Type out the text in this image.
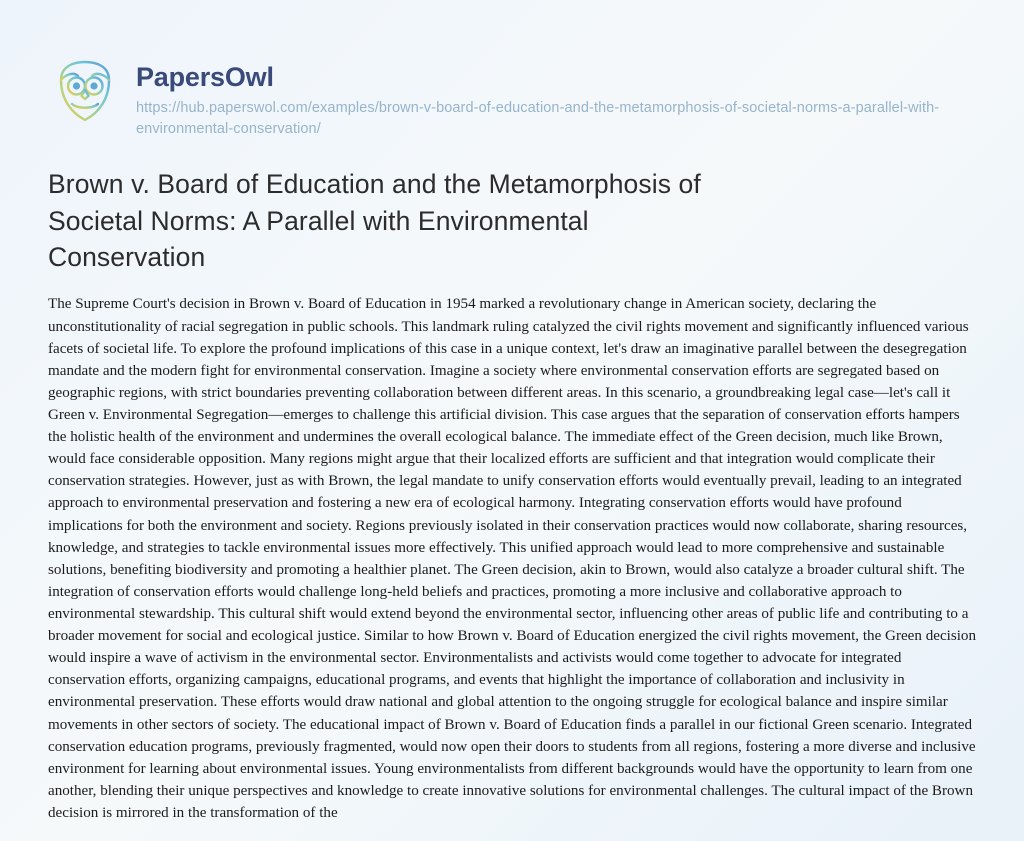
PapersOwl
https://hub.paperswol.com/examples/brown-v-board-of-education-and-the-metamorphosis-of-societal-norms-a-parallel-with-environmental-conservation/
Brown v. Board of Education and the Metamorphosis of Societal Norms: A Parallel with Environmental Conservation
The Supreme Court's decision in Brown v. Board of Education in 1954 marked a revolutionary change in American society, declaring the unconstitutionality of racial segregation in public schools. This landmark ruling catalyzed the civil rights movement and significantly influenced various facets of societal life. To explore the profound implications of this case in a unique context, let's draw an imaginative parallel between the desegregation mandate and the modern fight for environmental conservation. Imagine a society where environmental conservation efforts are segregated based on geographic regions, with strict boundaries preventing collaboration between different areas. In this scenario, a groundbreaking legal case—let's call it Green v. Environmental Segregation—emerges to challenge this artificial division. This case argues that the separation of conservation efforts hampers the holistic health of the environment and undermines the overall ecological balance. The immediate effect of the Green decision, much like Brown, would face considerable opposition. Many regions might argue that their localized efforts are sufficient and that integration would complicate their conservation strategies. However, just as with Brown, the legal mandate to unify conservation efforts would eventually prevail, leading to an integrated approach to environmental preservation and fostering a new era of ecological harmony. Integrating conservation efforts would have profound implications for both the environment and society. Regions previously isolated in their conservation practices would now collaborate, sharing resources, knowledge, and strategies to tackle environmental issues more effectively. This unified approach would lead to more comprehensive and sustainable solutions, benefiting biodiversity and promoting a healthier planet. The Green decision, akin to Brown, would also catalyze a broader cultural shift. The integration of conservation efforts would challenge long-held beliefs and practices, promoting a more inclusive and collaborative approach to environmental stewardship. This cultural shift would extend beyond the environmental sector, influencing other areas of public life and contributing to a broader movement for social and ecological justice. Similar to how Brown v. Board of Education energized the civil rights movement, the Green decision would inspire a wave of activism in the environmental sector. Environmentalists and activists would come together to advocate for integrated conservation efforts, organizing campaigns, educational programs, and events that highlight the importance of collaboration and inclusivity in environmental preservation. These efforts would draw national and global attention to the ongoing struggle for ecological balance and inspire similar movements in other sectors of society. The educational impact of Brown v. Board of Education finds a parallel in our fictional Green scenario. Integrated conservation education programs, previously fragmented, would now open their doors to students from all regions, fostering a more diverse and inclusive environment for learning about environmental issues. Young environmentalists from different backgrounds would have the opportunity to learn from one another, blending their unique perspectives and knowledge to create innovative solutions for environmental challenges. The cultural impact of the Brown decision is mirrored in the transformation of the
